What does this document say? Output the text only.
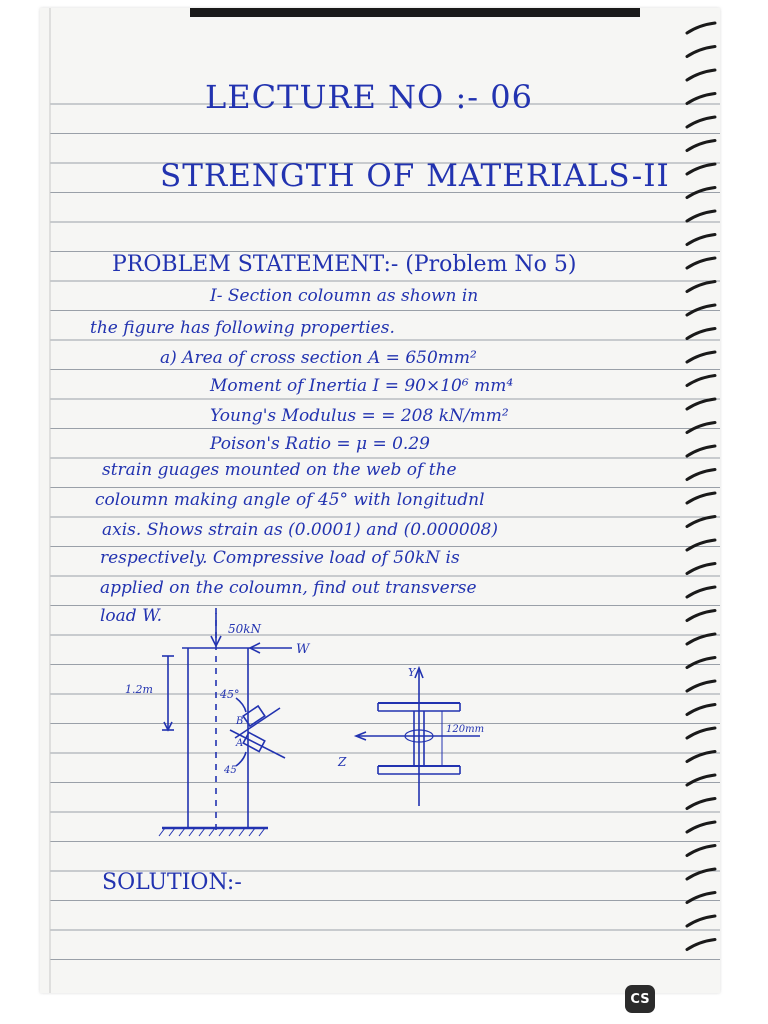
LECTURE NO :- 06
STRENGTH OF MATERIALS-II
PROBLEM STATEMENT:- (Problem No 5)
I- Section coloumn as shown in
the figure has following properties.
a) Area of cross section A = 650mm²
Moment of Inertia I = 90×10⁶ mm⁴
Young's Modulus = = 208 kN/mm²
Poison's Ratio = μ = 0.29
strain guages mounted on the web of the
coloumn making angle of 45° with longitudnl
axis. Shows strain as (0.0001) and (0.000008)
respectively. Compressive load of 50kN is
applied on the coloumn, find out transverse
load W.
50kN
W
1.2m	45°
45
B
A
120mm
Y
Z
SOLUTION:-
CS
